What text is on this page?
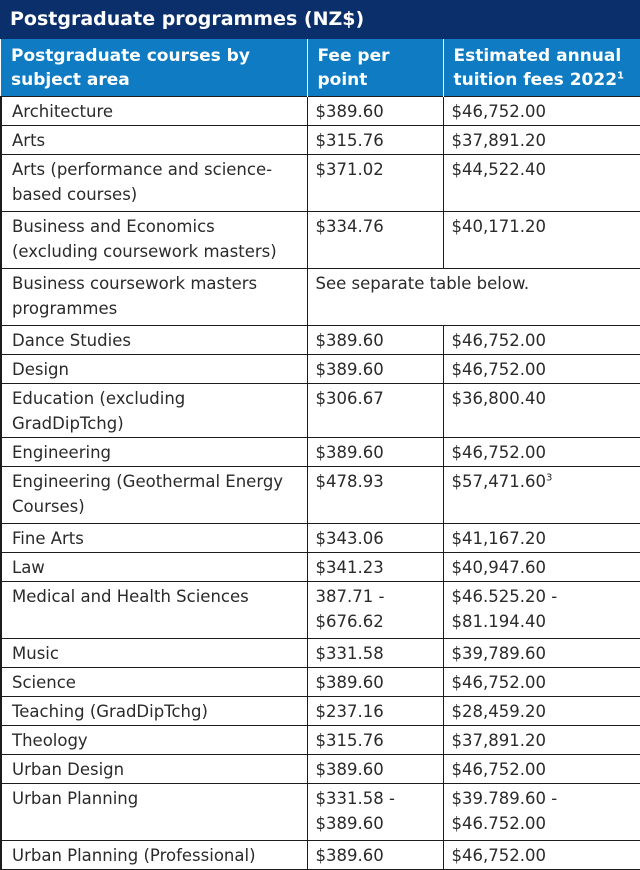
Postgraduate programmes (NZ$)
Postgraduate courses by subject area	Fee per point	Estimated annual tuition fees 2022$^1$
Architecture	$389.60	$46,752.00
Arts	$315.76	$37,891.20
Arts (performance and science-based courses)	$371.02	$44,522.40
Business and Economics (excluding coursework masters)	$334.76	$40,171.20
Business coursework masters programmes	See separate table below.	
Dance Studies	$389.60	$46,752.00
Design	$389.60	$46,752.00
Education (excluding GradDipTchg)	$306.67	$36,800.40
Engineering	$389.60	$46,752.00
Engineering (Geothermal Energy Courses)	$478.93	$57,471.60$^3$
Fine Arts	$343.06	$41,167.20
Law	$341.23	$40,947.60
Medical and Health Sciences	387.71 - $676.62	$46.525.20 - $81.194.40
Music	$331.58	$39,789.60
Science	$389.60	$46,752.00
Teaching (GradDipTchg)	$237.16	$28,459.20
Theology	$315.76	$37,891.20
Urban Design	$389.60	$46,752.00
Urban Planning	$331.58 - $389.60	$39.789.60 - $46.752.00
Urban Planning (Professional)	$389.60	$46,752.00
